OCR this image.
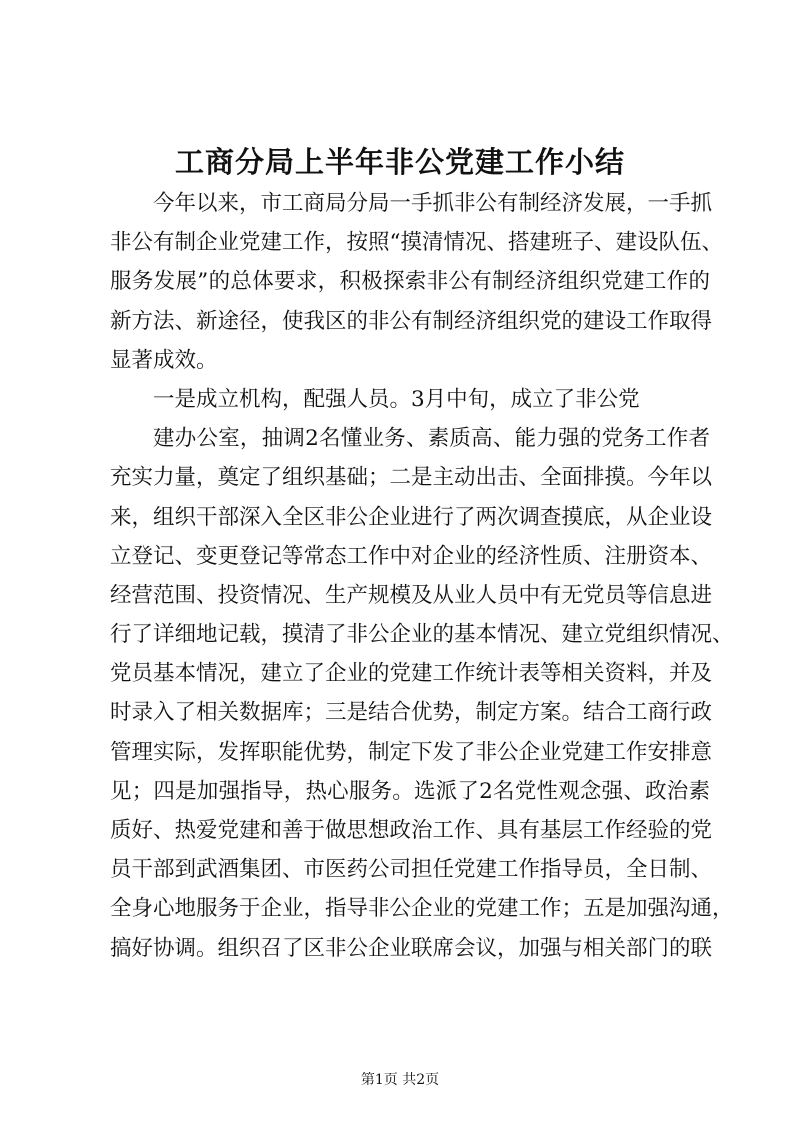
工商分局上半年非公党建工作小结
今年以来，市工商局分局一手抓非公有制经济发展，一手抓
非公有制企业党建工作，按照“摸清情况、搭建班子、建设队伍、
服务发展”的总体要求，积极探索非公有制经济组织党建工作的
新方法、新途径，使我区的非公有制经济组织党的建设工作取得
显著成效。
一是成立机构，配强人员。3月中旬，成立了非公党
建办公室，抽调2名懂业务、素质高、能力强的党务工作者
充实力量，奠定了组织基础；二是主动出击、全面排摸。今年以
来，组织干部深入全区非公企业进行了两次调查摸底，从企业设
立登记、变更登记等常态工作中对企业的经济性质、注册资本、
经营范围、投资情况、生产规模及从业人员中有无党员等信息进
行了详细地记载，摸清了非公企业的基本情况、建立党组织情况、
党员基本情况，建立了企业的党建工作统计表等相关资料，并及
时录入了相关数据库；三是结合优势，制定方案。结合工商行政
管理实际，发挥职能优势，制定下发了非公企业党建工作安排意
见；四是加强指导，热心服务。选派了2名党性观念强、政治素
质好、热爱党建和善于做思想政治工作、具有基层工作经验的党
员干部到武酒集团、市医药公司担任党建工作指导员，全日制、
全身心地服务于企业，指导非公企业的党建工作；五是加强沟通，
搞好协调。组织召了区非公企业联席会议，加强与相关部门的联
第1页 共2页
